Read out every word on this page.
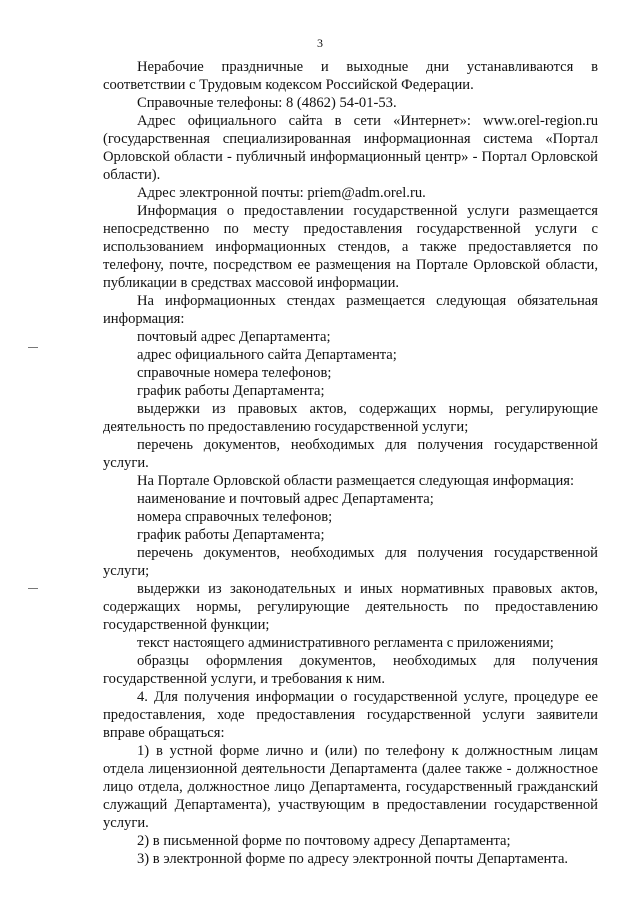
3

Нерабочие праздничные и выходные дни устанавливаются в соответствии с Трудовым кодексом Российской Федерации.

Справочные телефоны: 8 (4862) 54-01-53.

Адрес официального сайта в сети «Интернет»: www.orel-region.ru (государственная специализированная информационная система «Портал Орловской области - публичный информационный центр» - Портал Орловской области).

Адрес электронной почты: priem@adm.orel.ru.

Информация о предоставлении государственной услуги размещается непосредственно по месту предоставления государственной услуги с использованием информационных стендов, а также предоставляется по телефону, почте, посредством ее размещения на Портале Орловской области, публикации в средствах массовой информации.

На информационных стендах размещается следующая обязательная информация:

почтовый адрес Департамента;

адрес официального сайта Департамента;

справочные номера телефонов;

график работы Департамента;

выдержки из правовых актов, содержащих нормы, регулирующие деятельность по предоставлению государственной услуги;

перечень документов, необходимых для получения государственной услуги.

На Портале Орловской области размещается следующая информация:

наименование и почтовый адрес Департамента;

номера справочных телефонов;

график работы Департамента;

перечень документов, необходимых для получения государственной услуги;

выдержки из законодательных и иных нормативных правовых актов, содержащих нормы, регулирующие деятельность по предоставлению государственной функции;

текст настоящего административного регламента с приложениями;

образцы оформления документов, необходимых для получения государственной услуги, и требования к ним.

4. Для получения информации о государственной услуге, процедуре ее предоставления, ходе предоставления государственной услуги заявители вправе обращаться:

1) в устной форме лично и (или) по телефону к должностным лицам отдела лицензионной деятельности Департамента (далее также - должностное лицо отдела, должностное лицо Департамента, государственный гражданский служащий Департамента), участвующим в предоставлении государственной услуги.

2) в письменной форме по почтовому адресу Департамента;

3) в электронной форме по адресу электронной почты Департамента.
